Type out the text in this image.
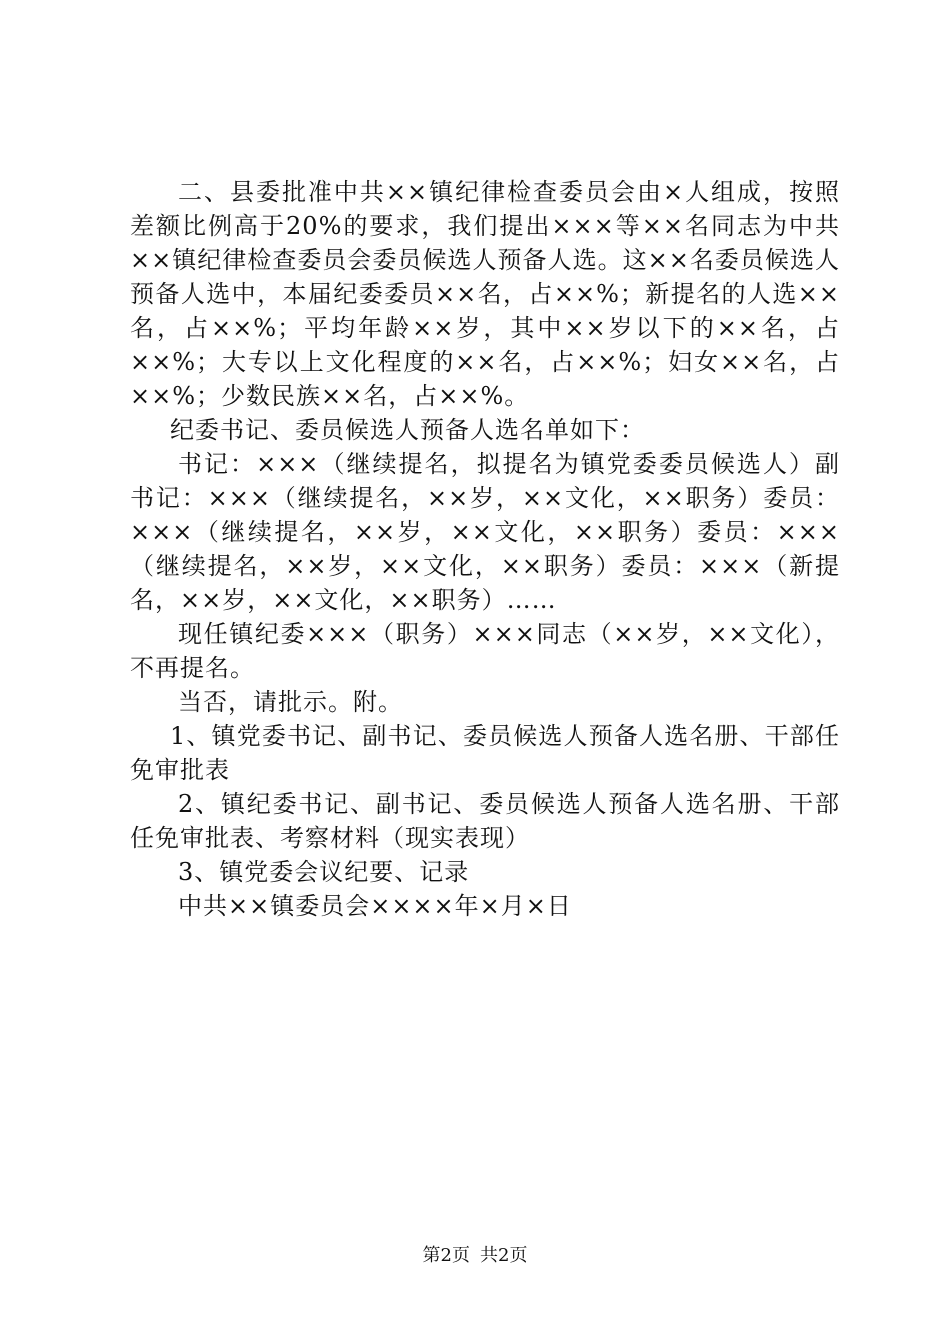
二、县委批准中共××镇纪律检查委员会由×人组成，按照差额比例高于20%的要求，我们提出×××等××名同志为中共××镇纪律检查委员会委员候选人预备人选。这××名委员候选人预备人选中，本届纪委委员××名，占××%；新提名的人选××名，占××%；平均年龄××岁，其中××岁以下的××名，占××%；大专以上文化程度的××名，占××%；妇女××名，占××%；少数民族××名，占××%。

纪委书记、委员候选人预备人选名单如下：

书记：×××（继续提名，拟提名为镇党委委员候选人）副书记：×××（继续提名，××岁，××文化，××职务）委员：×××（继续提名，××岁，××文化，××职务）委员：×××（继续提名，××岁，××文化，××职务）委员：×××（新提名，××岁，××文化，××职务）……

现任镇纪委×××（职务）×××同志（××岁，××文化），不再提名。

当否，请批示。附。

1、镇党委书记、副书记、委员候选人预备人选名册、干部任免审批表

2、镇纪委书记、副书记、委员候选人预备人选名册、干部任免审批表、考察材料（现实表现）

3、镇党委会议纪要、记录

中共××镇委员会××××年×月×日

第2页 共2页
